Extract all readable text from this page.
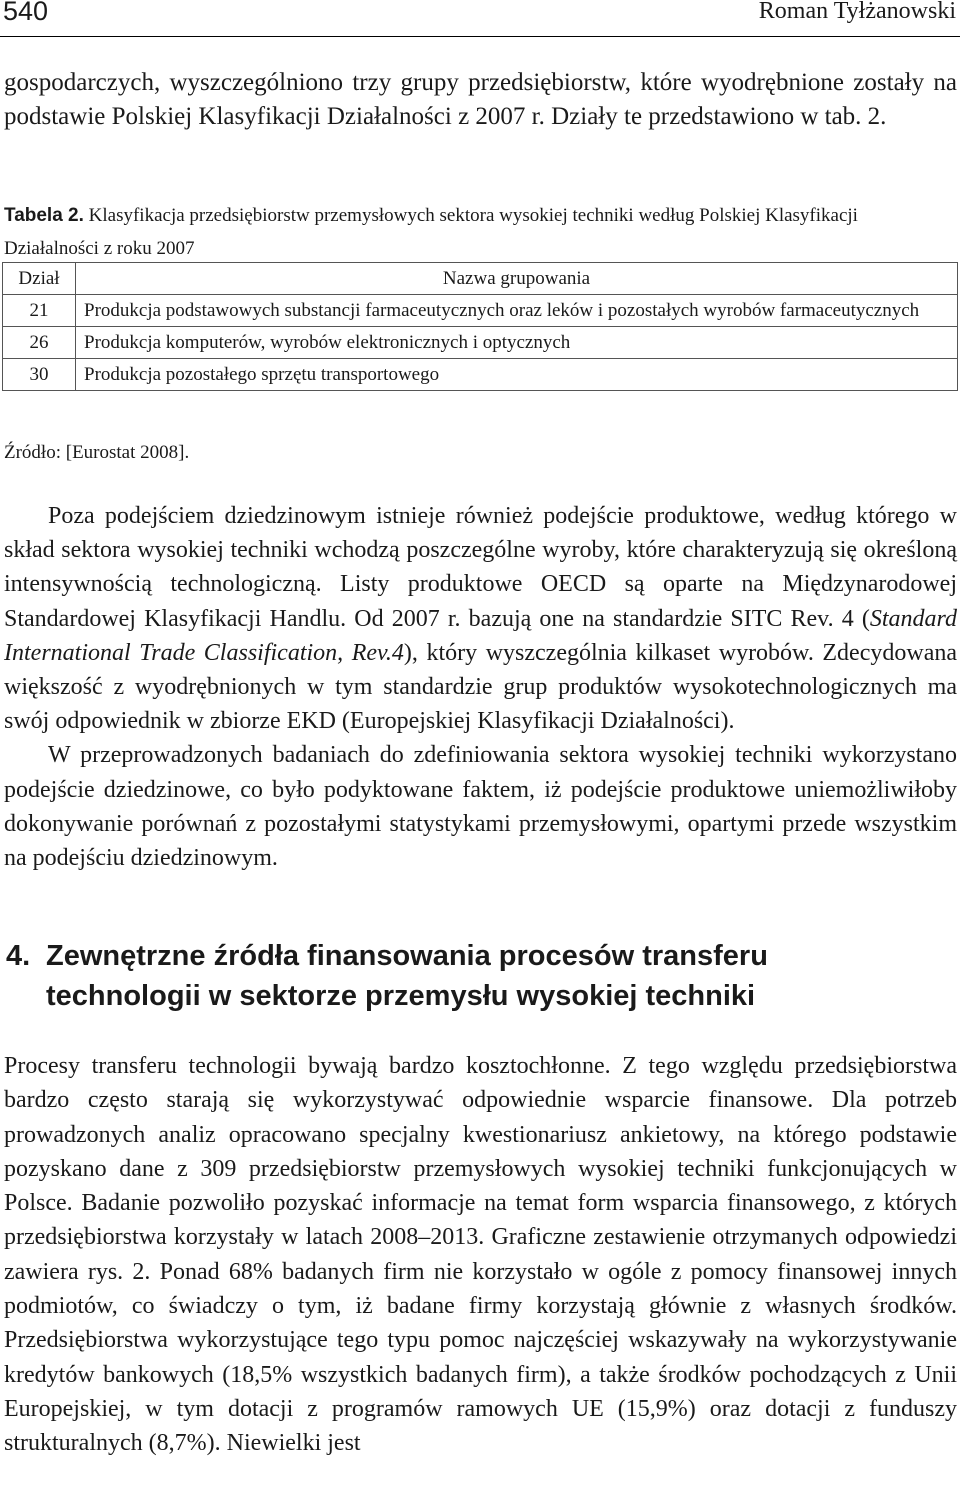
540	Roman Tyłżanowski

gospodarczych, wyszczególniono trzy grupy przedsiębiorstw, które wyodrębnione zostały na podstawie Polskiej Klasyfikacji Działalności z 2007 r. Działy te przedstawiono w tab. 2.

Tabela 2. Klasyfikacja przedsiębiorstw przemysłowych sektora wysokiej techniki według Polskiej Klasyfikacji Działalności z roku 2007
Dział	Nazwa grupowania
21	Produkcja podstawowych substancji farmaceutycznych oraz leków i pozostałych wyrobów farmaceutycznych
26	Produkcja komputerów, wyrobów elektronicznych i optycznych
30	Produkcja pozostałego sprzętu transportowego
Źródło: [Eurostat 2008].

Poza podejściem dziedzinowym istnieje również podejście produktowe, według którego w skład sektora wysokiej techniki wchodzą poszczególne wyroby, które charakteryzują się określoną intensywnością technologiczną. Listy produktowe OECD są oparte na Międzynarodowej Standardowej Klasyfikacji Handlu. Od 2007 r. bazują one na standardzie SITC Rev. 4 (Standard International Trade Classification, Rev.4), który wyszczególnia kilkaset wyrobów. Zdecydowana większość z wyodrębnionych w tym standardzie grup produktów wysokotechnologicznych ma swój odpowiednik w zbiorze EKD (Europejskiej Klasyfikacji Działalności).

W przeprowadzonych badaniach do zdefiniowania sektora wysokiej techniki wykorzystano podejście dziedzinowe, co było podyktowane faktem, iż podejście produktowe uniemożliwiłoby dokonywanie porównań z pozostałymi statystykami przemysłowymi, opartymi przede wszystkim na podejściu dziedzinowym.

4. Zewnętrzne źródła finansowania procesów transferu
technologii w sektorze przemysłu wysokiej techniki

Procesy transferu technologii bywają bardzo kosztochłonne. Z tego względu przedsiębiorstwa bardzo często starają się wykorzystywać odpowiednie wsparcie finansowe. Dla potrzeb prowadzonych analiz opracowano specjalny kwestionariusz ankietowy, na którego podstawie pozyskano dane z 309 przedsiębiorstw przemysłowych wysokiej techniki funkcjonujących w Polsce. Badanie pozwoliło pozyskać informacje na temat form wsparcia finansowego, z których przedsiębiorstwa korzystały w latach 2008–2013. Graficzne zestawienie otrzymanych odpowiedzi zawiera rys. 2. Ponad 68% badanych firm nie korzystało w ogóle z pomocy finansowej innych podmiotów, co świadczy o tym, iż badane firmy korzystają głównie z własnych środków. Przedsiębiorstwa wykorzystujące tego typu pomoc najczęściej wskazywały na wykorzystywanie kredytów bankowych (18,5% wszystkich badanych firm), a także środków pochodzących z Unii Europejskiej, w tym dotacji z programów ramowych UE (15,9%) oraz dotacji z funduszy strukturalnych (8,7%). Niewielki jest
